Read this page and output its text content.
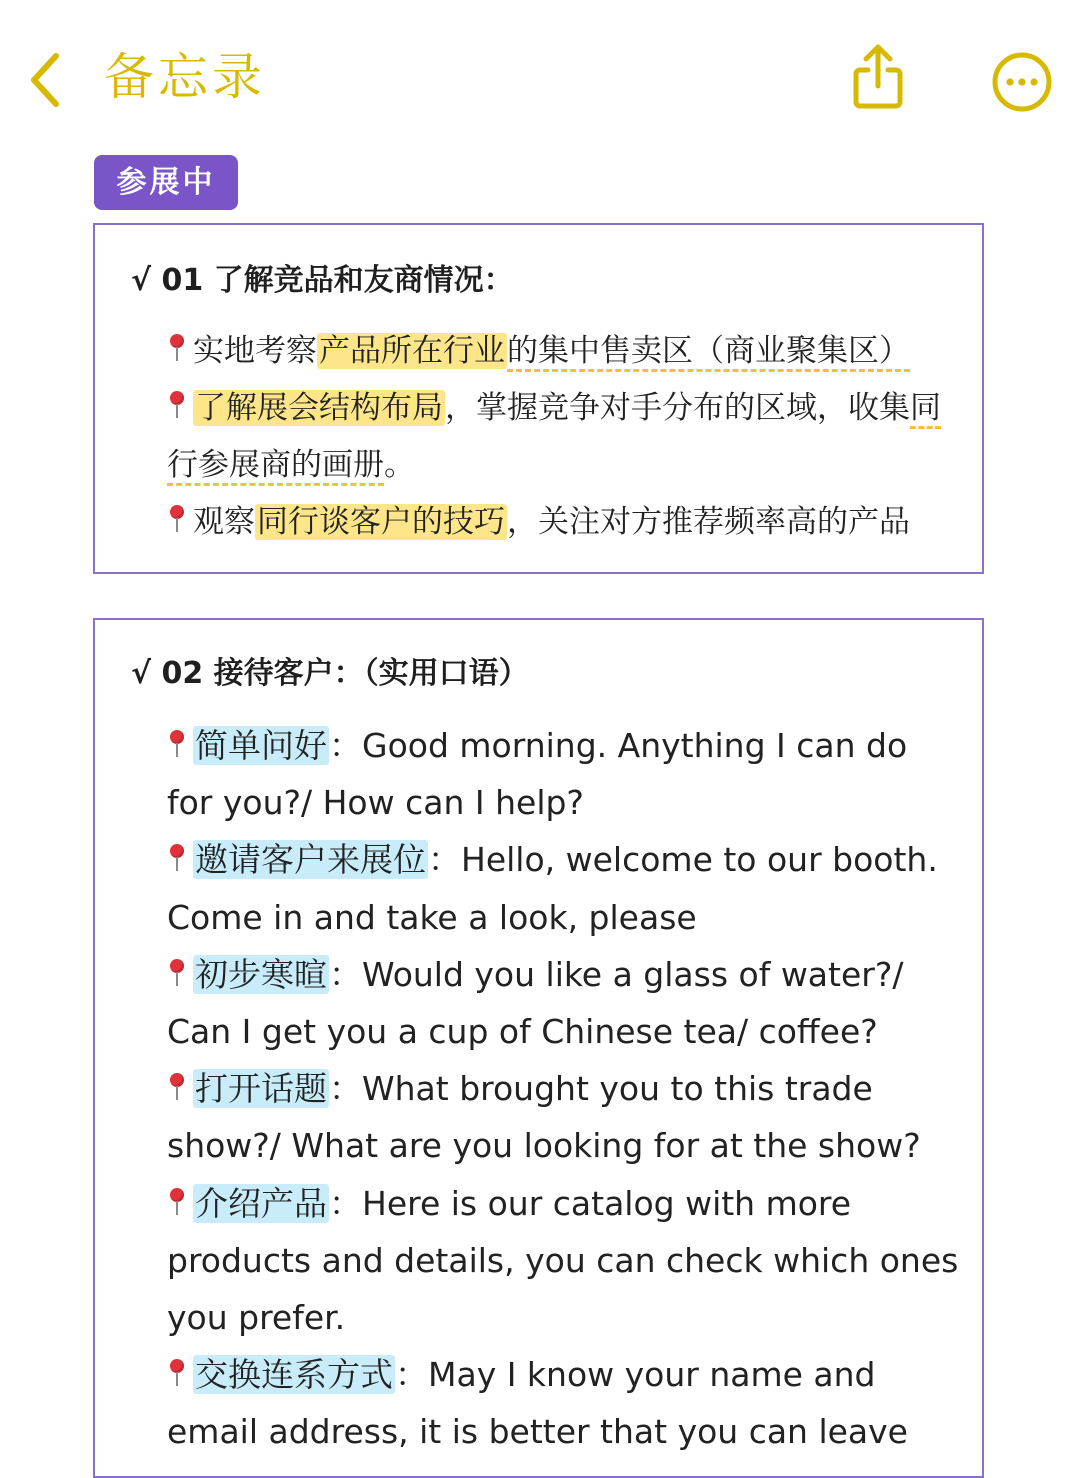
备忘录
参展中
√ 01 了解竞品和友商情况：
实地考察产品所在行业的集中售卖区（商业聚集区）
了解展会结构布局，掌握竞争对手分布的区域，收集同行参展商的画册。
观察同行谈客户的技巧，关注对方推荐频率高的产品
√ 02 接待客户：（实用口语）
简单问好：Good morning. Anything I can do for you?/ How can I help?
邀请客户来展位：Hello, welcome to our booth. Come in and take a look, please
初步寒暄：Would you like a glass of water?/ Can I get you a cup of Chinese tea/ coffee?
打开话题：What brought you to this trade show?/ What are you looking for at the show?
介绍产品：Here is our catalog with more products and details, you can check which ones you prefer.
交换连系方式：May I know your name and email address, it is better that you can leave
